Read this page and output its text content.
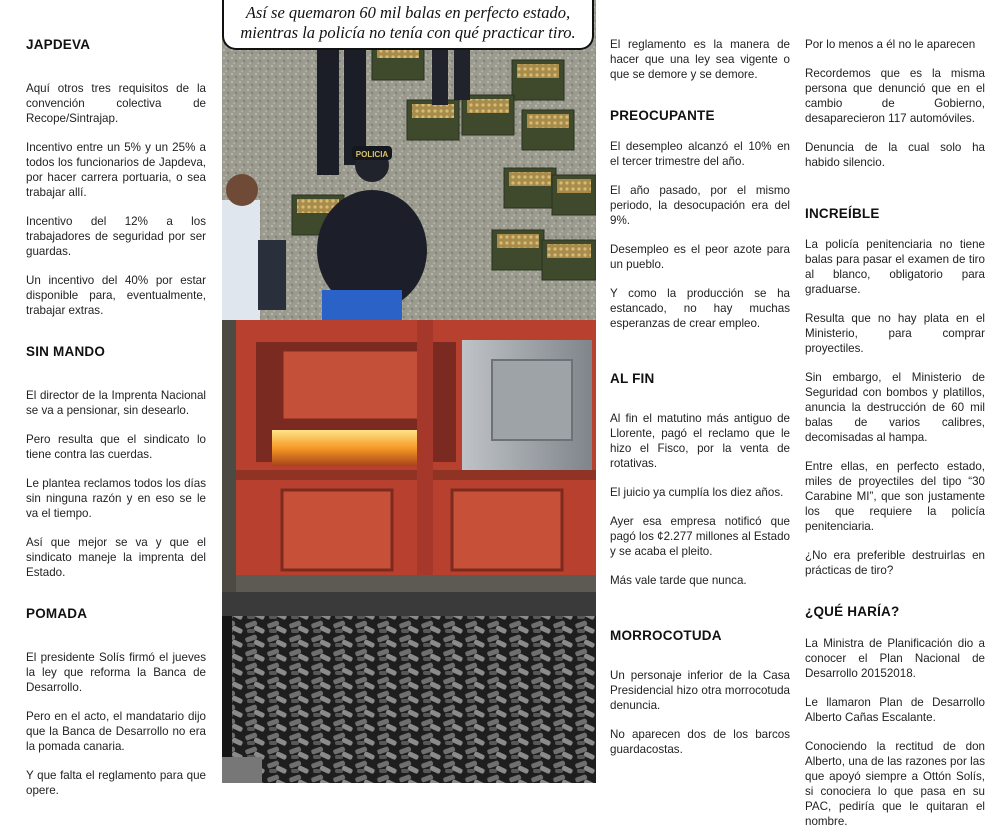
JAPDEVA

Aquí otros tres requisitos de la convención colectiva de Recope/Sintrajap.

Incentivo entre un 5% y un 25% a todos los funcionarios de Japdeva, por hacer carrera portuaria, o sea trabajar allí.

Incentivo del 12% a los trabajadores de seguridad por ser guardas.

Un incentivo del 40% por estar disponible para, eventualmente, trabajar extras.

SIN MANDO

El director de la Imprenta Nacional se va a pensionar, sin desearlo.

Pero resulta que el sindicato lo tiene contra las cuerdas.

Le plantea reclamos todos los días sin ninguna razón y en eso se le va el tiempo.

Así que mejor se va y que el sindicato maneje la imprenta del Estado.

POMADA

El presidente Solís firmó el jueves la ley que reforma la Banca de Desarrollo.

Pero en el acto, el mandatario dijo que la Banca de Desarrollo no era la pomada canaria.

Y que falta el reglamento para que opere.

Así se quemaron 60 mil balas en perfecto estado,
mientras la policía no tenía con qué practicar tiro.
POLICIA

El reglamento es la manera de hacer que una ley sea vigente o que se demore y se demore.

PREOCUPANTE

El desempleo alcanzó el 10% en el tercer trimestre del año.

El año pasado, por el mismo periodo, la desocupación era del 9%.

Desempleo es el peor azote para un pueblo.

Y como la producción se ha estancado, no hay muchas esperanzas de crear empleo.

AL FIN

Al fin el matutino más antiguo de Llorente, pagó el reclamo que le hizo el Fisco, por la venta de rotativas.

El juicio ya cumplía los diez años.

Ayer esa empresa notificó que pagó los ¢2.277 millones al Estado y se acaba el pleito.

Más vale tarde que nunca.

MORROCOTUDA

Un personaje inferior de la Casa Presidencial hizo otra morrocotuda denuncia.

No aparecen dos de los barcos guardacostas.

Por lo menos a él no le aparecen

Recordemos que es la misma persona que denunció que en el cambio de Gobierno, desaparecieron 117 automóviles.

Denuncia de la cual solo ha habido silencio.

INCREÍBLE

La policía penitenciaria no tiene balas para pasar el examen de tiro al blanco, obligatorio para graduarse.

Resulta que no hay plata en el Ministerio, para comprar proyectiles.

Sin embargo, el Ministerio de Seguridad con bombos y platillos, anuncia la destrucción de 60 mil balas de varios calibres, decomisadas al hampa.

Entre ellas, en perfecto estado, miles de proyectiles del tipo “30 Carabine MI”, que son justamente los que requiere la policía penitenciaria.

¿No era preferible destruirlas en prácticas de tiro?

¿QUÉ HARÍA?

La Ministra de Planificación dio a conocer el Plan Nacional de Desarrollo 20152018.

Le llamaron Plan de Desarrollo Alberto Cañas Escalante.

Conociendo la rectitud de don Alberto, una de las razones por las que apoyó siempre a Ottón Solís, si conociera lo que pasa en su PAC, pediría que le quitaran el nombre.
